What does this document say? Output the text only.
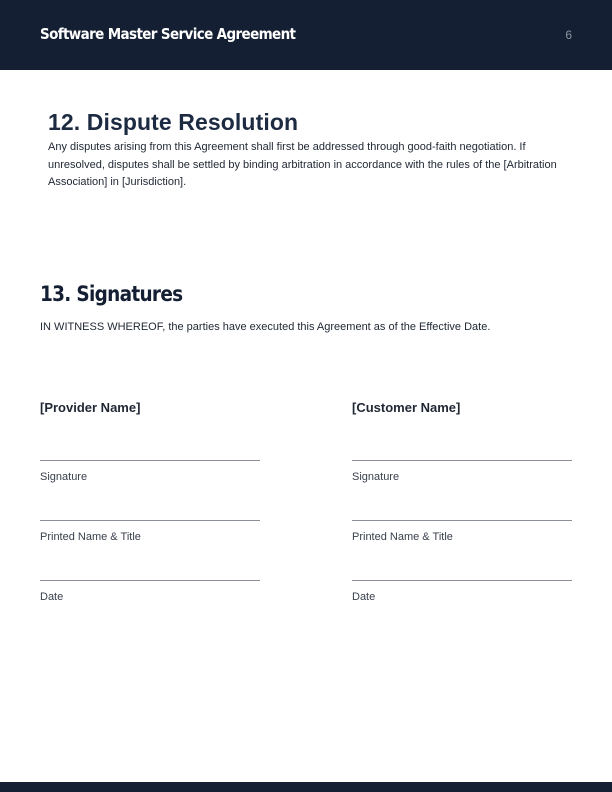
Software Master Service Agreement	6
12. Dispute Resolution

Any disputes arising from this Agreement shall first be addressed through good-faith negotiation. If unresolved, disputes shall be settled by binding arbitration in accordance with the rules of the [Arbitration Association] in [Jurisdiction].

13. Signatures

IN WITNESS WHEREOF, the parties have executed this Agreement as of the Effective Date.

[Provider Name]
Signature
Printed Name & Title
Date
[Customer Name]
Signature
Printed Name & Title
Date
